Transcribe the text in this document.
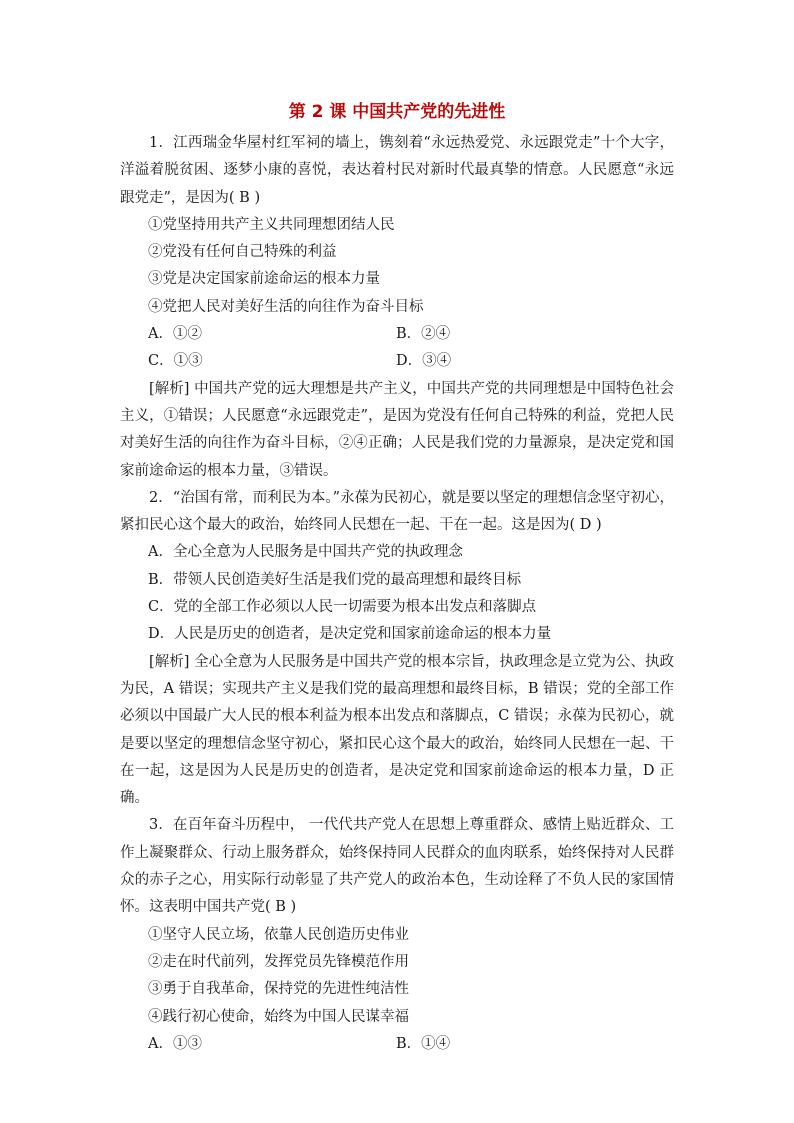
第 2 课 中国共产党的先进性

1．江西瑞金华屋村红军祠的墙上，镌刻着“永远热爱党、永远跟党走”十个大字，洋溢着脱贫困、逐梦小康的喜悦，表达着村民对新时代最真挚的情意。人民愿意“永远跟党走”，是因为( B )

①党坚持用共产主义共同理想团结人民

②党没有任何自己特殊的利益

③党是决定国家前途命运的根本力量

④党把人民对美好生活的向往作为奋斗目标

A．①②	B．②④
C．①③	D．③④

[解析] 中国共产党的远大理想是共产主义，中国共产党的共同理想是中国特色社会主义，①错误；人民愿意“永远跟党走”，是因为党没有任何自己特殊的利益，党把人民对美好生活的向往作为奋斗目标，②④正确；人民是我们党的力量源泉，是决定党和国家前途命运的根本力量，③错误。

2．“治国有常，而利民为本。”永葆为民初心，就是要以坚定的理想信念坚守初心，紧扣民心这个最大的政治，始终同人民想在一起、干在一起。这是因为( D )

A．全心全意为人民服务是中国共产党的执政理念

B．带领人民创造美好生活是我们党的最高理想和最终目标

C．党的全部工作必须以人民一切需要为根本出发点和落脚点

D．人民是历史的创造者，是决定党和国家前途命运的根本力量

[解析] 全心全意为人民服务是中国共产党的根本宗旨，执政理念是立党为公、执政为民，A 错误；实现共产主义是我们党的最高理想和最终目标，B 错误；党的全部工作必须以中国最广大人民的根本利益为根本出发点和落脚点，C 错误；永葆为民初心，就是要以坚定的理想信念坚守初心，紧扣民心这个最大的政治，始终同人民想在一起、干在一起，这是因为人民是历史的创造者，是决定党和国家前途命运的根本力量，D 正确。

3．在百年奋斗历程中， 一代代共产党人在思想上尊重群众、感情上贴近群众、工作上凝聚群众、行动上服务群众，始终保持同人民群众的血肉联系，始终保持对人民群众的赤子之心，用实际行动彰显了共产党人的政治本色，生动诠释了不负人民的家国情怀。这表明中国共产党( B )

①坚守人民立场，依靠人民创造历史伟业

②走在时代前列，发挥党员先锋模范作用

③勇于自我革命，保持党的先进性纯洁性

④践行初心使命，始终为中国人民谋幸福

A．①③	B．①④
